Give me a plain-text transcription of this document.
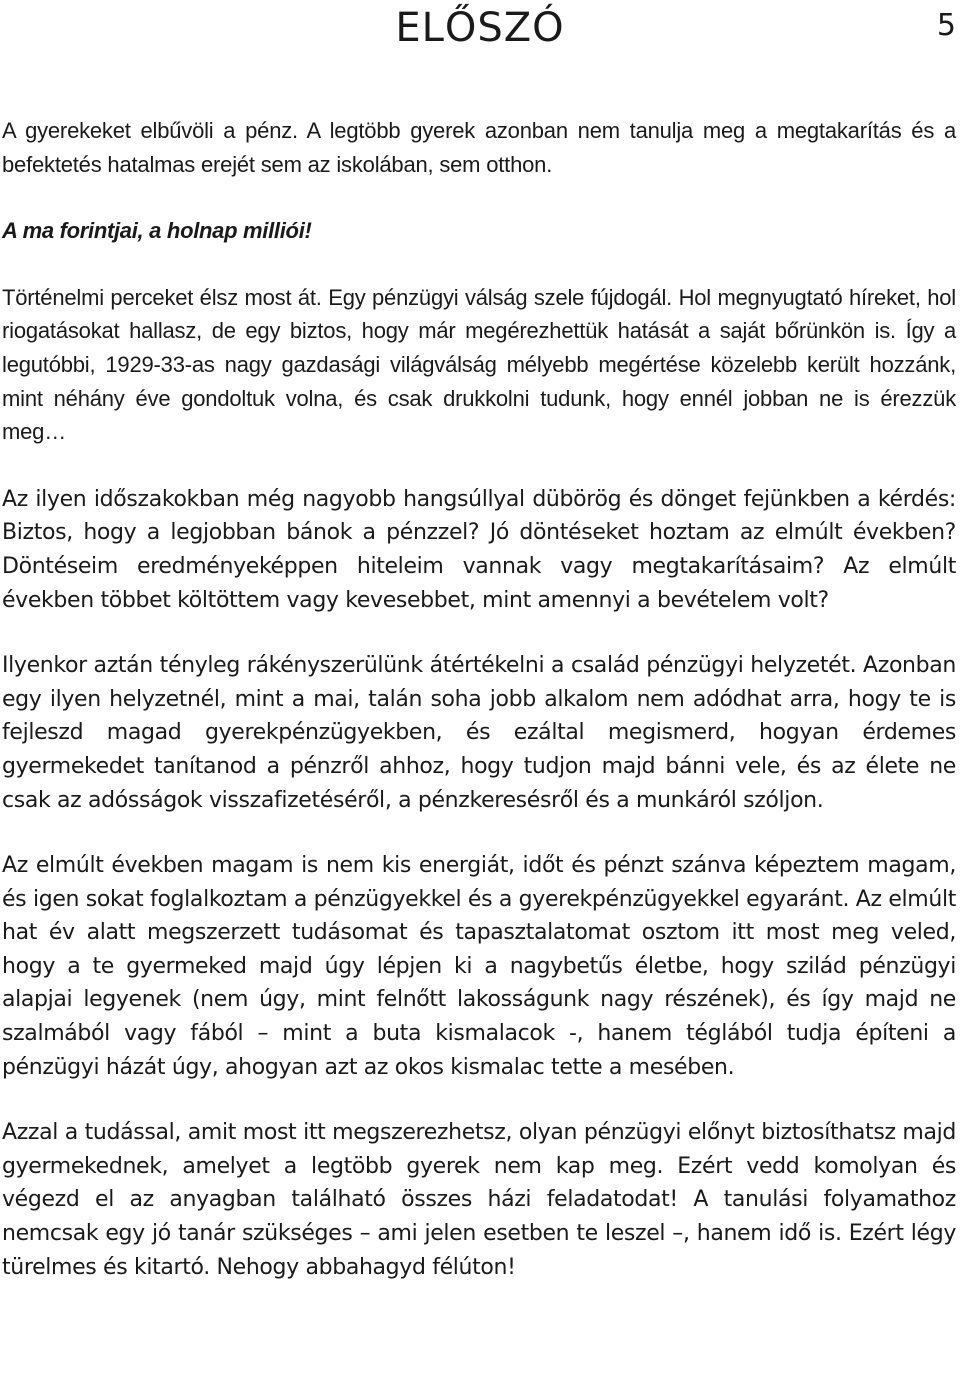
ELŐSZÓ	5

A gyerekeket elbűvöli a pénz. A legtöbb gyerek azonban nem tanulja meg a megtakarítás és a befektetés hatalmas erejét sem az iskolában, sem otthon.

A ma forintjai, a holnap milliói!

Történelmi perceket élsz most át. Egy pénzügyi válság szele fújdogál. Hol megnyugtató híreket, hol riogatásokat hallasz, de egy biztos, hogy már megérezhettük hatását a saját bőrünkön is. Így a legutóbbi, 1929-33-as nagy gazdasági világválság mélyebb megértése közelebb került hozzánk, mint néhány éve gondoltuk volna, és csak drukkolni tudunk, hogy ennél jobban ne is érezzük meg…

Az ilyen időszakokban még nagyobb hangsúllyal dübörög és dönget fejünkben a kérdés: Biztos, hogy a legjobban bánok a pénzzel? Jó döntéseket hoztam az elmúlt években? Döntéseim eredményeképpen hiteleim vannak vagy megtakarításaim? Az elmúlt években többet költöttem vagy kevesebbet, mint amennyi a bevételem volt?

Ilyenkor aztán tényleg rákényszerülünk átértékelni a család pénzügyi helyzetét. Azonban egy ilyen helyzetnél, mint a mai, talán soha jobb alkalom nem adódhat arra, hogy te is fejleszd magad gyerekpénzügyekben, és ezáltal megismerd, hogyan érdemes gyermekedet tanítanod a pénzről ahhoz, hogy tudjon majd bánni vele, és az élete ne csak az adósságok visszafizetéséről, a pénzkeresésről és a munkáról szóljon.

Az elmúlt években magam is nem kis energiát, időt és pénzt szánva képeztem magam, és igen sokat foglalkoztam a pénzügyekkel és a gyerekpénzügyekkel egyaránt. Az elmúlt hat év alatt megszerzett tudásomat és tapasztalatomat osztom itt most meg veled, hogy a te gyermeked majd úgy lépjen ki a nagybetűs életbe, hogy szilád pénzügyi alapjai legyenek (nem úgy, mint felnőtt lakosságunk nagy részének), és így majd ne szalmából vagy fából – mint a buta kismalacok -, hanem téglából tudja építeni a pénzügyi házát úgy, ahogyan azt az okos kismalac tette a mesében.

Azzal a tudással, amit most itt megszerezhetsz, olyan pénzügyi előnyt biztosíthatsz majd gyermekednek, amelyet a legtöbb gyerek nem kap meg. Ezért vedd komolyan és végezd el az anyagban található összes házi feladatodat! A tanulási folyamathoz nemcsak egy jó tanár szükséges – ami jelen esetben te leszel –, hanem idő is. Ezért légy türelmes és kitartó. Nehogy abbahagyd félúton!
